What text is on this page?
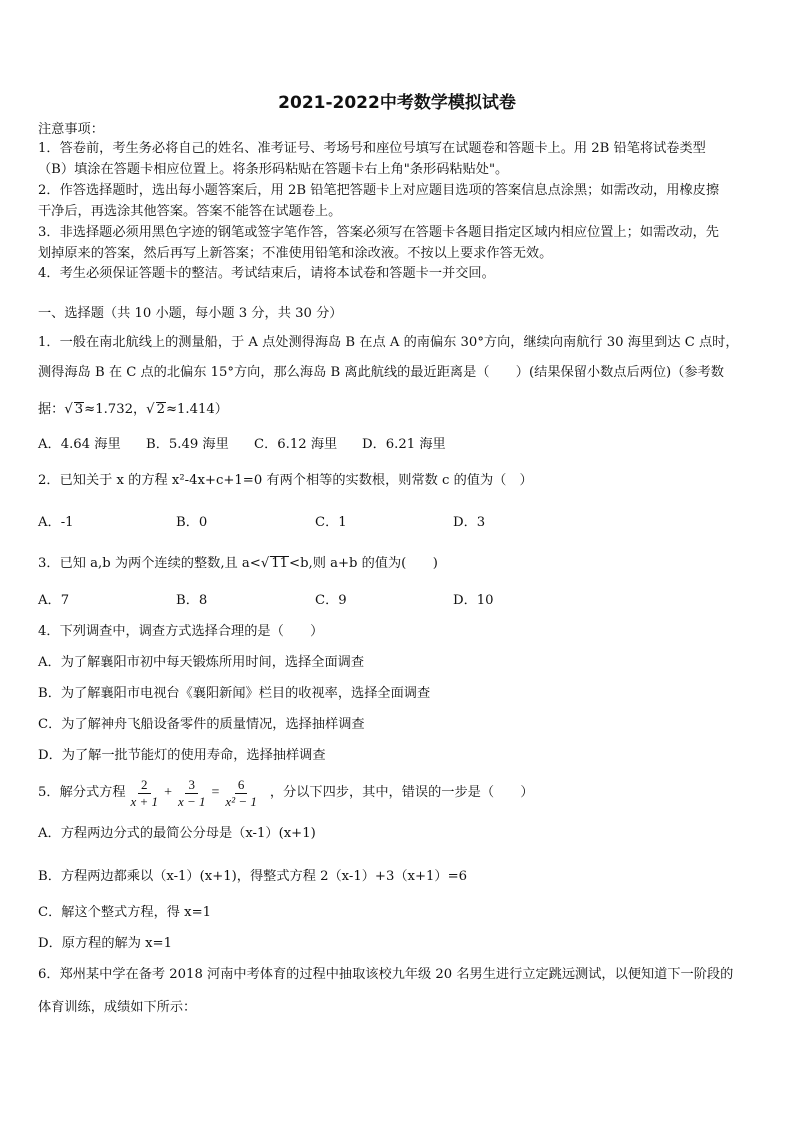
2021-2022中考数学模拟试卷
注意事项：
1．答卷前，考生务必将自己的姓名、准考证号、考场号和座位号填写在试题卷和答题卡上。用 2B 铅笔将试卷类型
（B）填涂在答题卡相应位置上。将条形码粘贴在答题卡右上角"条形码粘贴处"。
2．作答选择题时，选出每小题答案后，用 2B 铅笔把答题卡上对应题目选项的答案信息点涂黑；如需改动，用橡皮擦
干净后，再选涂其他答案。答案不能答在试题卷上。
3．非选择题必须用黑色字迹的钢笔或签字笔作答，答案必须写在答题卡各题目指定区域内相应位置上；如需改动，先
划掉原来的答案，然后再写上新答案；不准使用铅笔和涂改液。不按以上要求作答无效。
4．考生必须保证答题卡的整洁。考试结束后，请将本试卷和答题卡一并交回。
一、选择题（共 10 小题，每小题 3 分，共 30 分）
1．一般在南北航线上的测量船，于 A 点处测得海岛 B 在点 A 的南偏东 30°方向，继续向南航行 30 海里到达 C 点时，
测得海岛 B 在 C 点的北偏东 15°方向，那么海岛 B 离此航线的最近距离是（　　）(结果保留小数点后两位)（参考数
据：√ 3≈1.732，√ 2≈1.414）
A．4.64 海里 B．5.49 海里 C．6.12 海里 D．6.21 海里
2．已知关于 x 的方程 x²-4x+c+1=0 有两个相等的实数根，则常数 c 的值为（　）
A．-1	B．0	C．1	D．3
3．已知 a,b 为两个连续的整数,且 a<√ 11<b,则 a+b 的值为(　　)
A．7	B．8	C．9	D．10
4．下列调查中，调查方式选择合理的是（　　）
A．为了解襄阳市初中每天锻炼所用时间，选择全面调查
B．为了解襄阳市电视台《襄阳新闻》栏目的收视率，选择全面调查
C．为了解神舟飞船设备零件的质量情况，选择抽样调查
D．为了解一批节能灯的使用寿命，选择抽样调查
5．解分式方程 $\frac{2}{x + 1} + \frac{3}{x - 1} = \frac{6}{\text{x² − 1}}$ ，分以下四步，其中，错误的一步是（　　）
A．方程两边分式的最简公分母是（x-1）(x+1)
B．方程两边都乘以（x-1）(x+1)，得整式方程 2（x-1）+3（x+1）=6
C．解这个整式方程，得 x=1
D．原方程的解为 x=1
6．郑州某中学在备考 2018 河南中考体育的过程中抽取该校九年级 20 名男生进行立定跳远测试，以便知道下一阶段的
体育训练，成绩如下所示：
